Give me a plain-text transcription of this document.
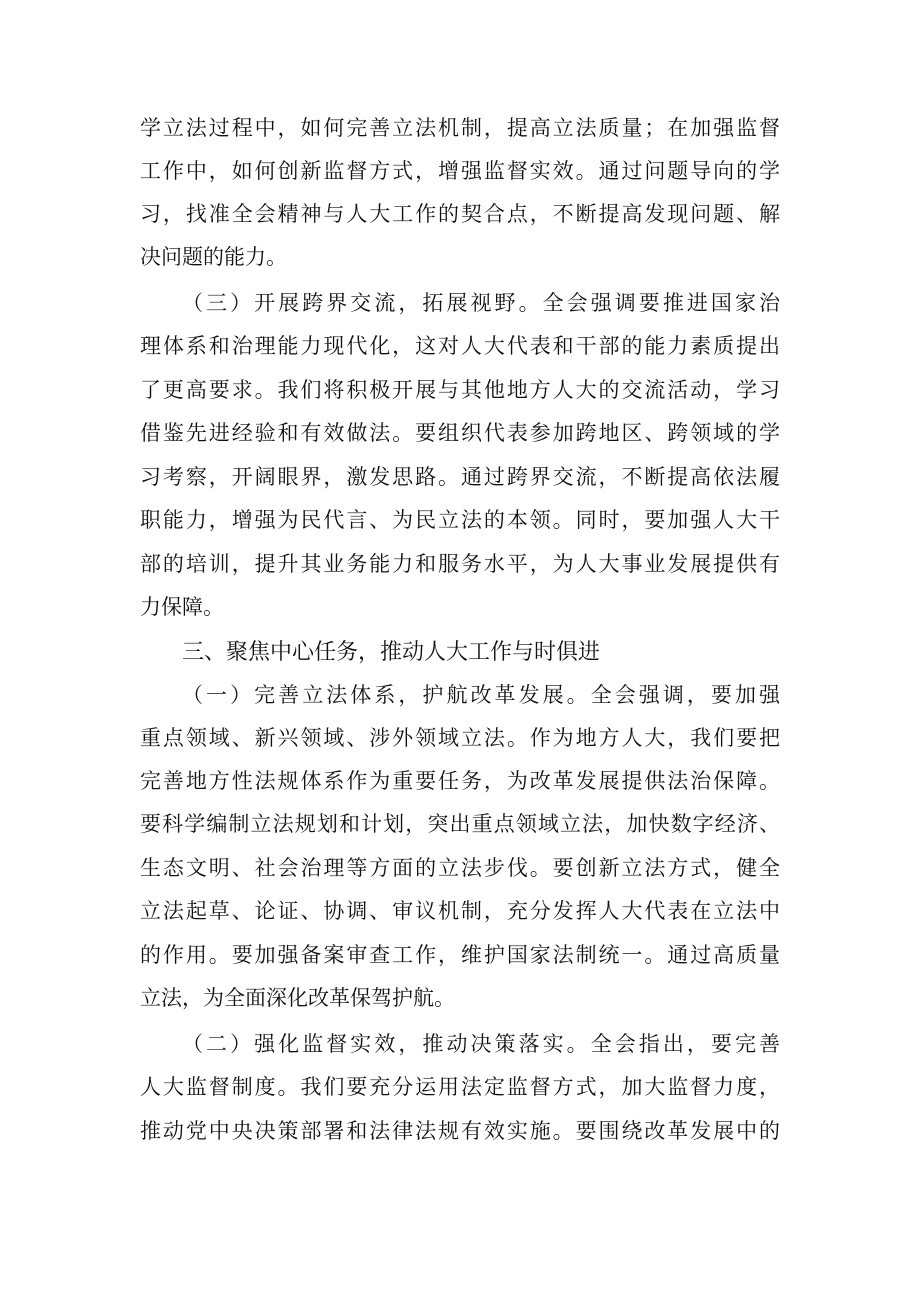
学立法过程中，如何完善立法机制，提高立法质量；在加强监督
工作中，如何创新监督方式，增强监督实效。通过问题导向的学
习，找准全会精神与人大工作的契合点，不断提高发现问题、解
决问题的能力。
（三）开展跨界交流，拓展视野。全会强调要推进国家治
理体系和治理能力现代化，这对人大代表和干部的能力素质提出
了更高要求。我们将积极开展与其他地方人大的交流活动，学习
借鉴先进经验和有效做法。要组织代表参加跨地区、跨领域的学
习考察，开阔眼界，激发思路。通过跨界交流，不断提高依法履
职能力，增强为民代言、为民立法的本领。同时，要加强人大干
部的培训，提升其业务能力和服务水平，为人大事业发展提供有
力保障。
三、聚焦中心任务，推动人大工作与时俱进
（一）完善立法体系，护航改革发展。全会强调，要加强
重点领域、新兴领域、涉外领域立法。作为地方人大，我们要把
完善地方性法规体系作为重要任务，为改革发展提供法治保障。
要科学编制立法规划和计划，突出重点领域立法，加快数字经济、
生态文明、社会治理等方面的立法步伐。要创新立法方式，健全
立法起草、论证、协调、审议机制，充分发挥人大代表在立法中
的作用。要加强备案审查工作，维护国家法制统一。通过高质量
立法，为全面深化改革保驾护航。
（二）强化监督实效，推动决策落实。全会指出，要完善
人大监督制度。我们要充分运用法定监督方式，加大监督力度，
推动党中央决策部署和法律法规有效实施。要围绕改革发展中的
